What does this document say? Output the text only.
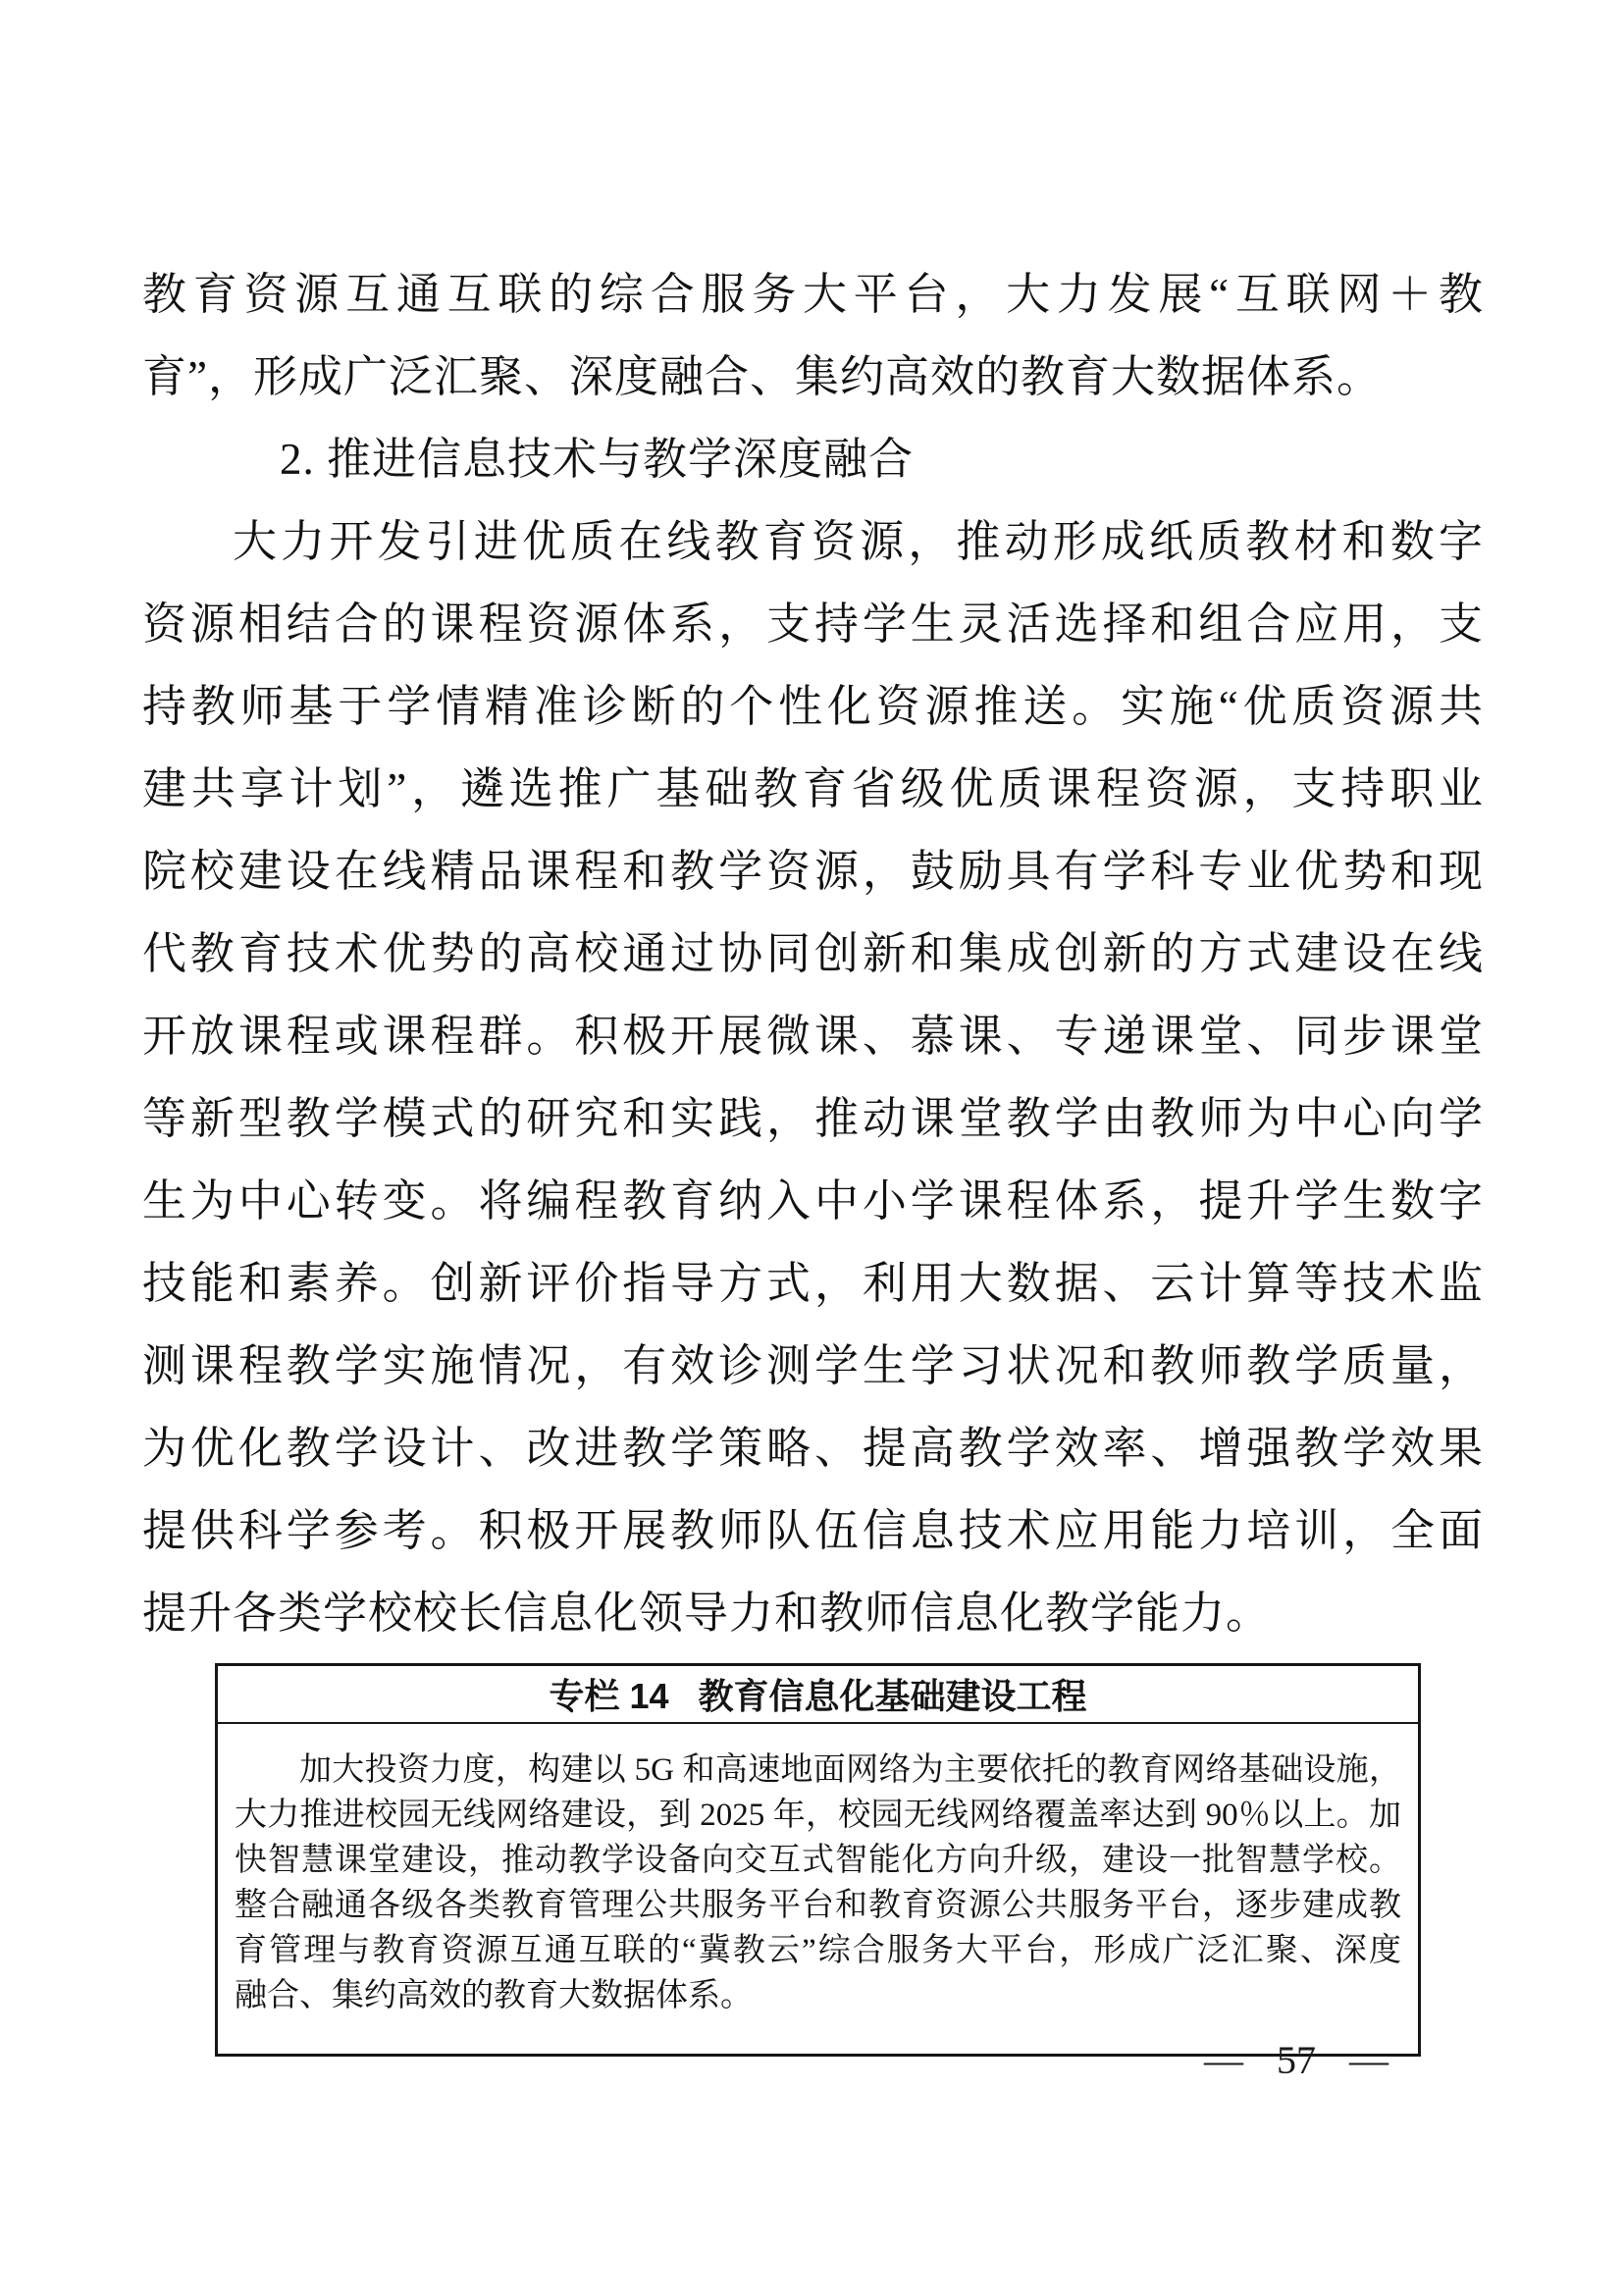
教育资源互通互联的综合服务大平台，大力发展“互联网＋教
育”，形成广泛汇聚、深度融合、集约高效的教育大数据体系。
2. 推进信息技术与教学深度融合
大力开发引进优质在线教育资源，推动形成纸质教材和数字
资源相结合的课程资源体系，支持学生灵活选择和组合应用，支
持教师基于学情精准诊断的个性化资源推送。实施“优质资源共
建共享计划”，遴选推广基础教育省级优质课程资源，支持职业
院校建设在线精品课程和教学资源，鼓励具有学科专业优势和现
代教育技术优势的高校通过协同创新和集成创新的方式建设在线
开放课程或课程群。积极开展微课、慕课、专递课堂、同步课堂
等新型教学模式的研究和实践，推动课堂教学由教师为中心向学
生为中心转变。将编程教育纳入中小学课程体系，提升学生数字
技能和素养。创新评价指导方式，利用大数据、云计算等技术监
测课程教学实施情况，有效诊测学生学习状况和教师教学质量，
为优化教学设计、改进教学策略、提高教学效率、增强教学效果
提供科学参考。积极开展教师队伍信息技术应用能力培训，全面
提升各类学校校长信息化领导力和教师信息化教学能力。
专栏 14 教育信息化基础建设工程
加大投资力度，构建以 5G 和高速地面网络为主要依托的教育网络基础设施，
大力推进校园无线网络建设，到 2025 年，校园无线网络覆盖率达到 90％以上。加
快智慧课堂建设，推动教学设备向交互式智能化方向升级，建设一批智慧学校。
整合融通各级各类教育管理公共服务平台和教育资源公共服务平台，逐步建成教
育管理与教育资源互通互联的“冀教云”综合服务大平台，形成广泛汇聚、深度
融合、集约高效的教育大数据体系。
— 57 —
